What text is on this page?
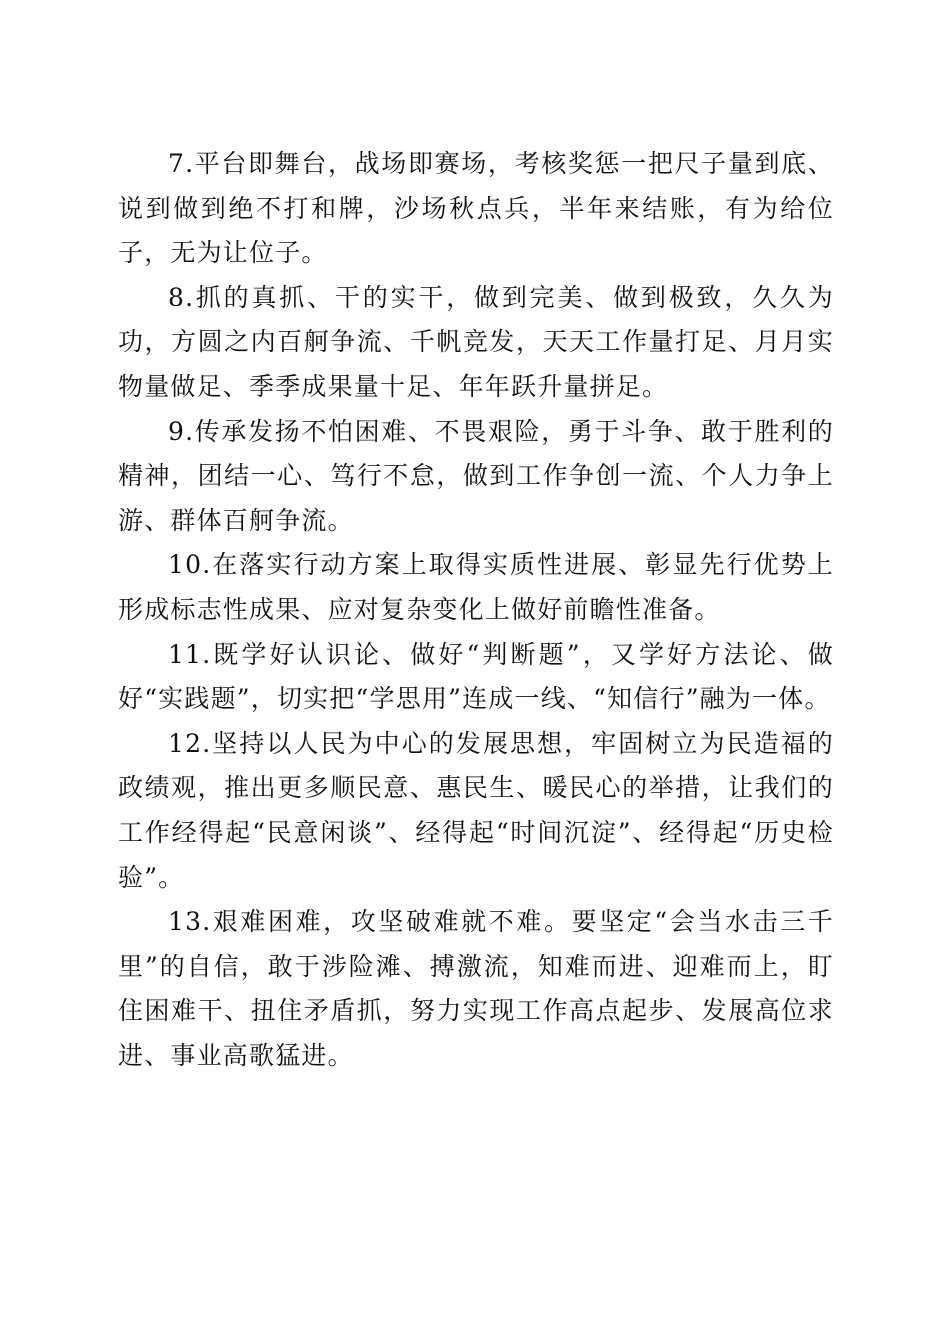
7.平台即舞台，战场即赛场，考核奖惩一把尺子量到底、说到做到绝不打和牌，沙场秋点兵，半年来结账，有为给位子，无为让位子。

8.抓的真抓、干的实干，做到完美、做到极致，久久为功，方圆之内百舸争流、千帆竞发，天天工作量打足、月月实物量做足、季季成果量十足、年年跃升量拼足。

9.传承发扬不怕困难、不畏艰险，勇于斗争、敢于胜利的精神，团结一心、笃行不怠，做到工作争创一流、个人力争上游、群体百舸争流。

10.在落实行动方案上取得实质性进展、彰显先行优势上形成标志性成果、应对复杂变化上做好前瞻性准备。

11.既学好认识论、做好“判断题”，又学好方法论、做好“实践题”，切实把“学思用”连成一线、“知信行”融为一体。

12.坚持以人民为中心的发展思想，牢固树立为民造福的政绩观，推出更多顺民意、惠民生、暖民心的举措，让我们的工作经得起“民意闲谈”、经得起“时间沉淀”、经得起“历史检验”。

13.艰难困难，攻坚破难就不难。要坚定“会当水击三千里”的自信，敢于涉险滩、搏激流，知难而进、迎难而上，盯住困难干、扭住矛盾抓，努力实现工作高点起步、发展高位求进、事业高歌猛进。
